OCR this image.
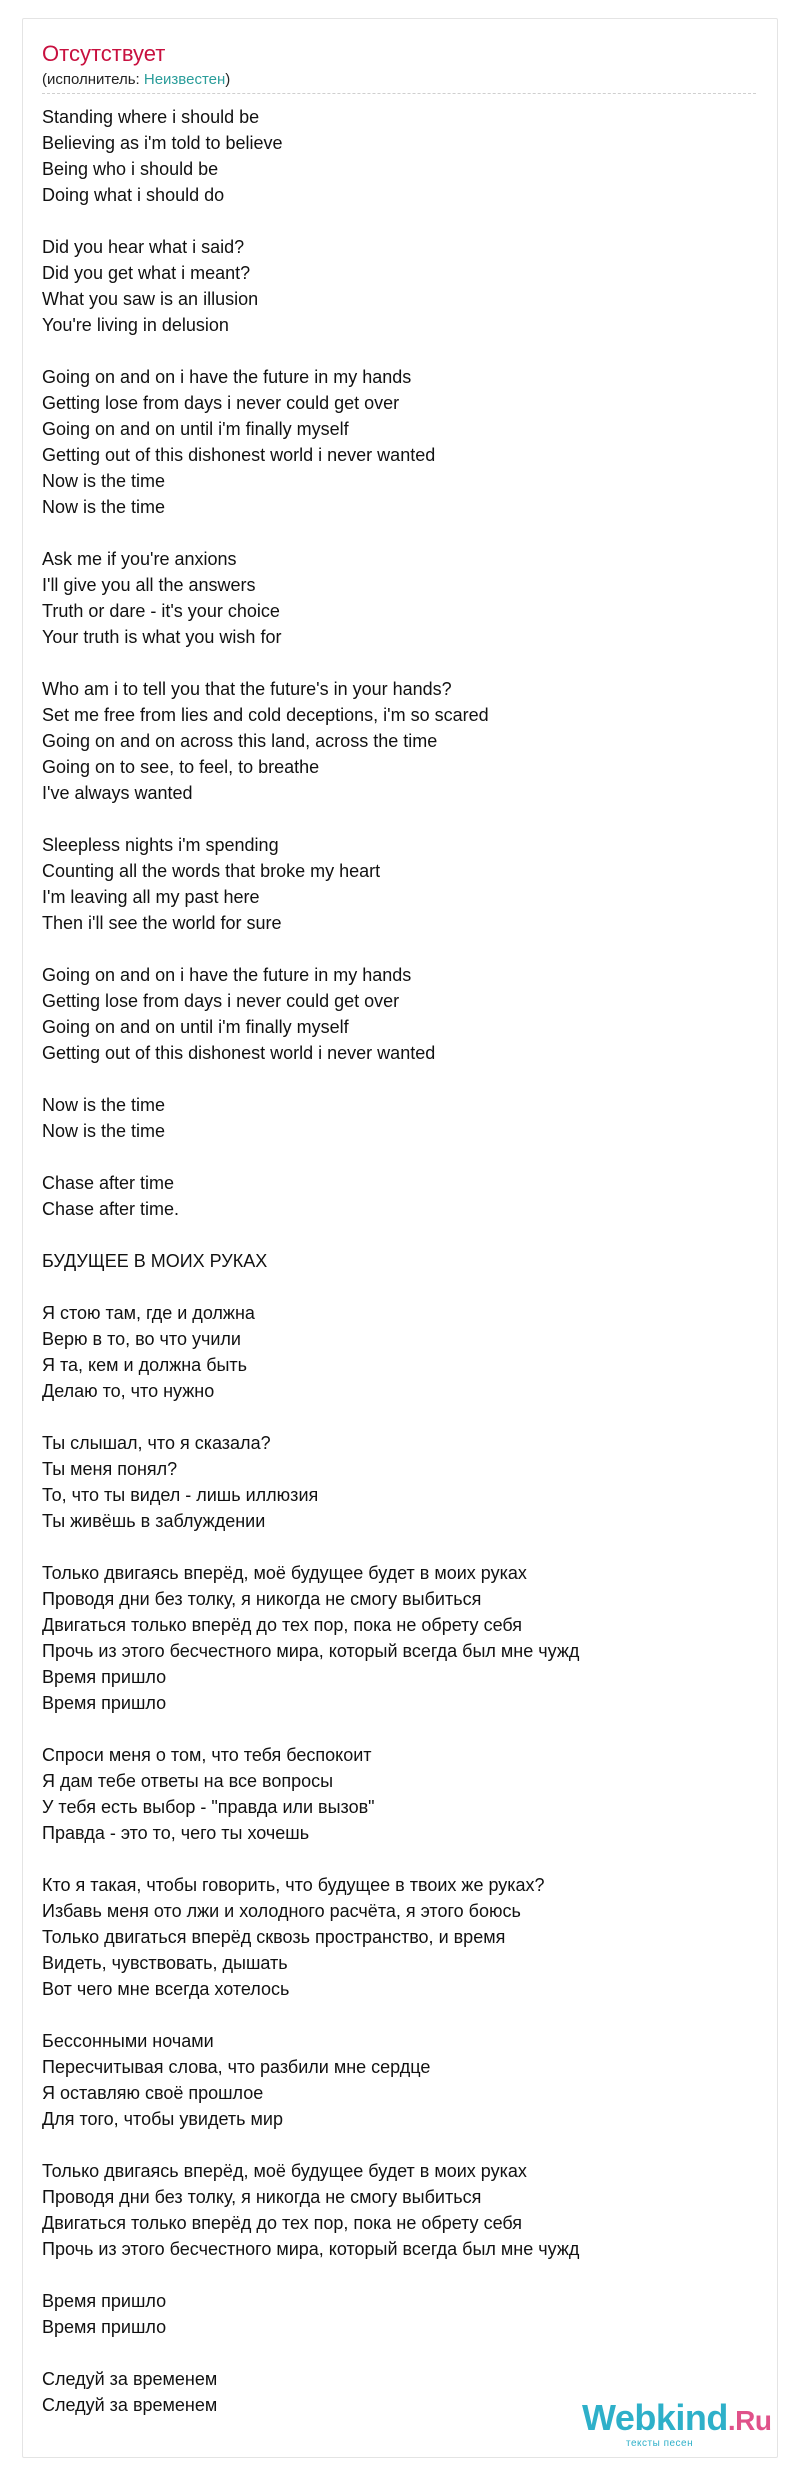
Отсутствует
(исполнитель: Неизвестен)
Standing where i should be
Believing as i'm told to believe
Being who i should be
Doing what i should do

Did you hear what i said?
Did you get what i meant?
What you saw is an illusion
You're living in delusion

Going on and on i have the future in my hands
Getting lose from days i never could get over
Going on and on until i'm finally myself
Getting out of this dishonest world i never wanted
Now is the time
Now is the time

Ask me if you're anxions
I'll give you all the answers
Truth or dare - it's your choice
Your truth is what you wish for

Who am i to tell you that the future's in your hands?
Set me free from lies and cold deceptions, i'm so scared
Going on and on across this land, across the time
Going on to see, to feel, to breathe
I've always wanted

Sleepless nights i'm spending
Counting all the words that broke my heart
I'm leaving all my past here
Then i'll see the world for sure

Going on and on i have the future in my hands
Getting lose from days i never could get over
Going on and on until i'm finally myself
Getting out of this dishonest world i never wanted

Now is the time
Now is the time

Chase after time
Chase after time.

БУДУЩЕЕ В МОИХ РУКАХ

Я стою там, где и должна
Верю в то, во что учили
Я та, кем и должна быть
Делаю то, что нужно

Ты слышал, что я сказала?
Ты меня понял?
То, что ты видел - лишь иллюзия
Ты живёшь в заблуждении

Только двигаясь вперёд, моё будущее будет в моих руках
Проводя дни без толку, я никогда не смогу выбиться
Двигаться только вперёд до тех пор, пока не обрету себя
Прочь из этого бесчестного мира, который всегда был мне чужд
Время пришло
Время пришло

Спроси меня о том, что тебя беспокоит
Я дам тебе ответы на все вопросы
У тебя есть выбор - "правда или вызов"
Правда - это то, чего ты хочешь

Кто я такая, чтобы говорить, что будущее в твоих же руках?
Избавь меня ото лжи и холодного расчёта, я этого боюсь
Только двигаться вперёд сквозь пространство, и время
Видеть, чувствовать, дышать
Вот чего мне всегда хотелось

Бессонными ночами
Пересчитывая слова, что разбили мне сердце
Я оставляю своё прошлое
Для того, чтобы увидеть мир

Только двигаясь вперёд, моё будущее будет в моих руках
Проводя дни без толку, я никогда не смогу выбиться
Двигаться только вперёд до тех пор, пока не обрету себя
Прочь из этого бесчестного мира, который всегда был мне чужд

Время пришло
Время пришло

Следуй за временем
Следуй за временем	Webkind.Ru
тексты песен
